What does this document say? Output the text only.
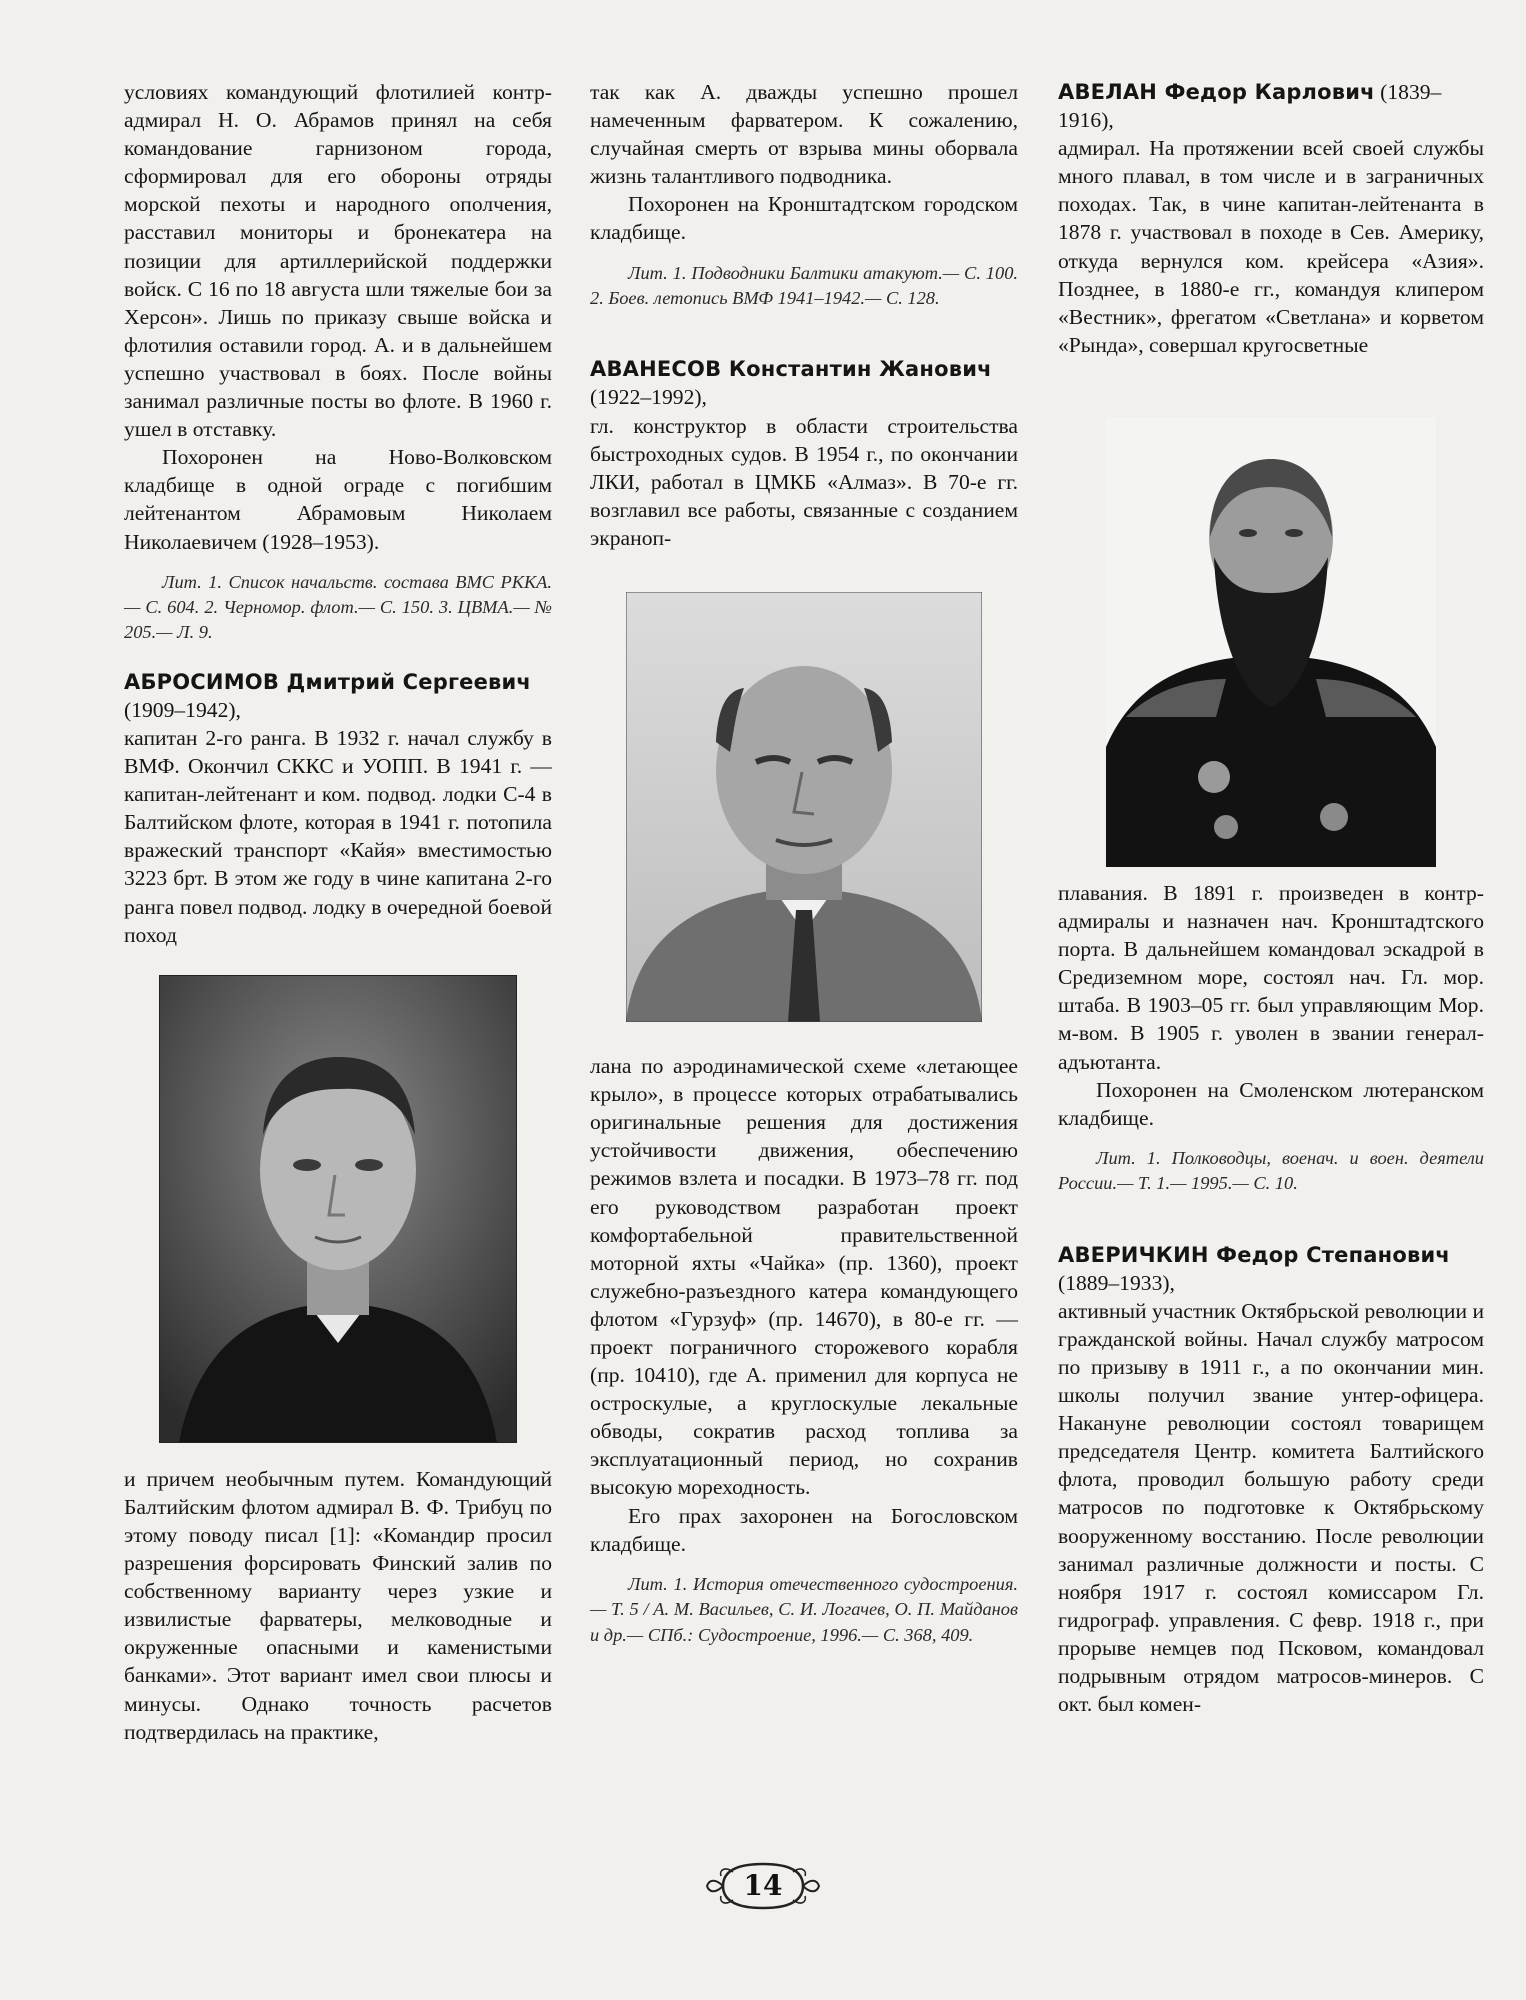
условиях командующий флотилией контр-адмирал Н. О. Абрамов принял на себя командование гарнизоном города, сформировал для его обороны отряды морской пехоты и народного ополчения, расставил мониторы и бронекатера на позиции для артиллерийской поддержки войск. С 16 по 18 августа шли тяжелые бои за Херсон». Лишь по приказу свыше войска и флотилия оставили город. А. и в дальнейшем успешно участвовал в боях. После войны занимал различные посты во флоте. В 1960 г. ушел в отставку.

Похоронен на Ново-Волковском кладбище в одной ограде с погибшим лейтенантом Абрамовым Николаем Николаевичем (1928–1953).

Лит. 1. Список начальств. состава ВМС РККА.— С. 604. 2. Черномор. флот.— С. 150. 3. ЦВМА.— № 205.— Л. 9.

АБРОСИМОВ Дмитрий Сергеевич (1909–1942),

капитан 2-го ранга. В 1932 г. начал службу в ВМФ. Окончил СККС и УОПП. В 1941 г. — капитан-лейтенант и ком. подвод. лодки С-4 в Балтийском флоте, которая в 1941 г. потопила вражеский транспорт «Кайя» вместимостью 3223 брт. В этом же году в чине капитана 2-го ранга повел подвод. лодку в очередной боевой поход

и причем необычным путем. Командующий Балтийским флотом адмирал В. Ф. Трибуц по этому поводу писал [1]: «Командир просил разрешения форсировать Финский залив по собственному варианту через узкие и извилистые фарватеры, мелководные и окруженные опасными и каменистыми банками». Этот вариант имел свои плюсы и минусы. Однако точность расчетов подтвердилась на практике,

так как А. дважды успешно прошел намеченным фарватером. К сожалению, случайная смерть от взрыва мины оборвала жизнь талантливого подводника.

Похоронен на Кронштадтском городском кладбище.

Лит. 1. Подводники Балтики атакуют.— С. 100. 2. Боев. летопись ВМФ 1941–1942.— С. 128.

АВАНЕСОВ Константин Жанович (1922–1992),

гл. конструктор в области строительства быстроходных судов. В 1954 г., по окончании ЛКИ, работал в ЦМКБ «Алмаз». В 70-е гг. возглавил все работы, связанные с созданием экраноп-

лана по аэродинамической схеме «летающее крыло», в процессе которых отрабатывались оригинальные решения для достижения устойчивости движения, обеспечению режимов взлета и посадки. В 1973–78 гг. под его руководством разработан проект комфортабельной правительственной моторной яхты «Чайка» (пр. 1360), проект служебно-разъездного катера командующего флотом «Гурзуф» (пр. 14670), в 80-е гг. — проект пограничного сторожевого корабля (пр. 10410), где А. применил для корпуса не остроскулые, а круглоскулые лекальные обводы, сократив расход топлива за эксплуатационный период, но сохранив высокую мореходность.

Его прах захоронен на Богословском кладбище.

Лит. 1. История отечественного судостроения.— Т. 5 / А. М. Васильев, С. И. Логачев, О. П. Майданов и др.— СПб.: Судостроение, 1996.— С. 368, 409.

АВЕЛАН Федор Карлович (1839–1916),

адмирал. На протяжении всей своей службы много плавал, в том числе и в заграничных походах. Так, в чине капитан-лейтенанта в 1878 г. участвовал в походе в Сев. Америку, откуда вернулся ком. крейсера «Азия». Позднее, в 1880-е гг., командуя клипером «Вестник», фрегатом «Светлана» и корветом «Рында», совершал кругосветные

плавания. В 1891 г. произведен в контр-адмиралы и назначен нач. Кронштадтского порта. В дальнейшем командовал эскадрой в Средиземном море, состоял нач. Гл. мор. штаба. В 1903–05 гг. был управляющим Мор. м-вом. В 1905 г. уволен в звании генерал-адъютанта.

Похоронен на Смоленском лютеранском кладбище.

Лит. 1. Полководцы, военач. и воен. деятели России.— Т. 1.— 1995.— С. 10.

АВЕРИЧКИН Федор Степанович (1889–1933),

активный участник Октябрьской революции и гражданской войны. Начал службу матросом по призыву в 1911 г., а по окончании мин. школы получил звание унтер-офицера. Накануне революции состоял товарищем председателя Центр. комитета Балтийского флота, проводил большую работу среди матросов по подготовке к Октябрьскому вооруженному восстанию. После революции занимал различные должности и посты. С ноября 1917 г. состоял комиссаром Гл. гидрограф. управления. С февр. 1918 г., при прорыве немцев под Псковом, командовал подрывным отрядом матросов-минеров. С окт. был комен-

14
